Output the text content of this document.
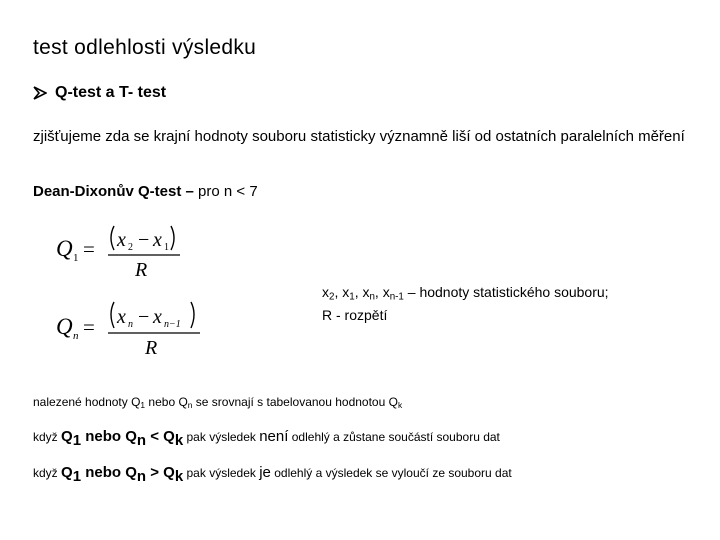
test odlehlosti výsledku
Q-test a T- test
zjišťujeme zda se krajní hodnoty souboru statisticky významně liší od ostatních paralelních měření
Dean-Dixonův Q-test – pro n < 7
Q 1 = x 2 − x 1
R
Q n = x n − x n−1
R
$x_2$, $x_1$, $x_n$, $x_{n-1}$ – hodnoty statistického souboru;
R - rozpětí
nalezené hodnoty $Q_1$ nebo $Q_n$ se srovnají s tabelovanou hodnotou $Q_k$
když Q1 nebo Qn < Qk pak výsledek není odlehlý a zůstane součástí souboru dat
když Q1 nebo Qn > Qk pak výsledek je odlehlý a výsledek se vyloučí ze souboru dat
